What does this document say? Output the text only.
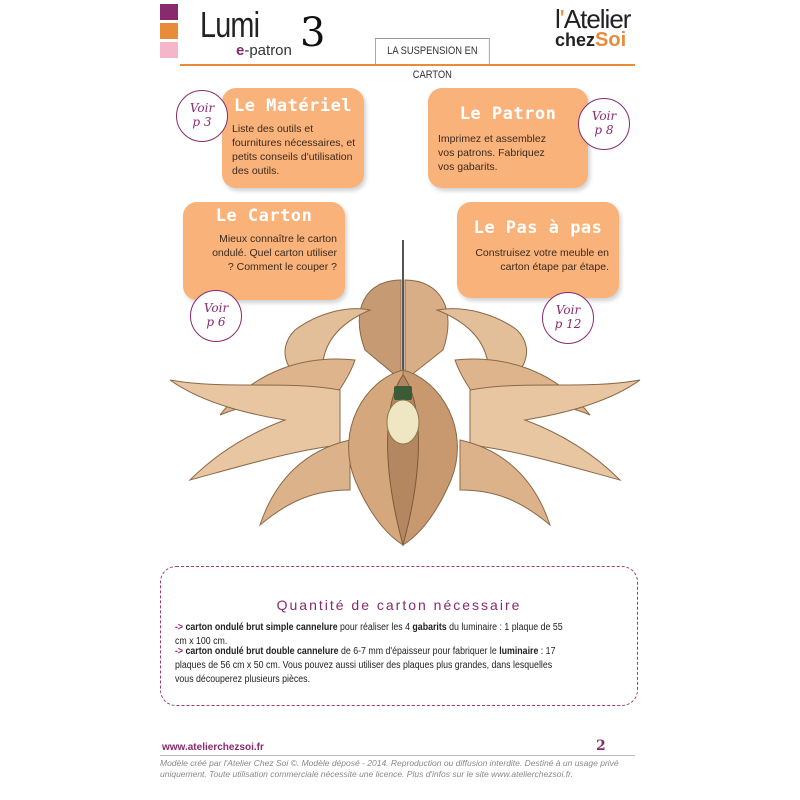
Lumi
e-patron 3	LA SUSPENSION EN CARTON
l'Atelier
chezSoi
Le Matériel
Liste des outils et fournitures nécessaires, et petits conseils d'utilisation des outils.
Voir
p 3	Le Patron
Imprimez et assemblez vos patrons. Fabriquez vos gabarits.
Voir
p 8
Le Carton
Mieux connaître le carton ondulé. Quel carton utiliser ? Comment le couper ?
Voir
p 6
Le Pas à pas
Construisez votre meuble en carton étape par étape.
Voir
p 12
Quantité de carton nécessaire
-> carton ondulé brut simple cannelure pour réaliser les 4 gabarits du luminaire : 1 plaque de 55 cm x 100 cm.
-> carton ondulé brut double cannelure de 6-7 mm d'épaisseur pour fabriquer le luminaire : 17 plaques de 56 cm x 50 cm. Vous pouvez aussi utiliser des plaques plus grandes, dans lesquelles vous découperez plusieurs pièces.
www.atelierchezsoi.fr	2
Modèle créé par l'Atelier Chez Soi ©. Modèle déposé - 2014. Reproduction ou diffusion interdite. Destiné à un usage privé uniquement. Toute utilisation commerciale nécessite une licence. Plus d'infos sur le site www.atelierchezsoi.fr.
